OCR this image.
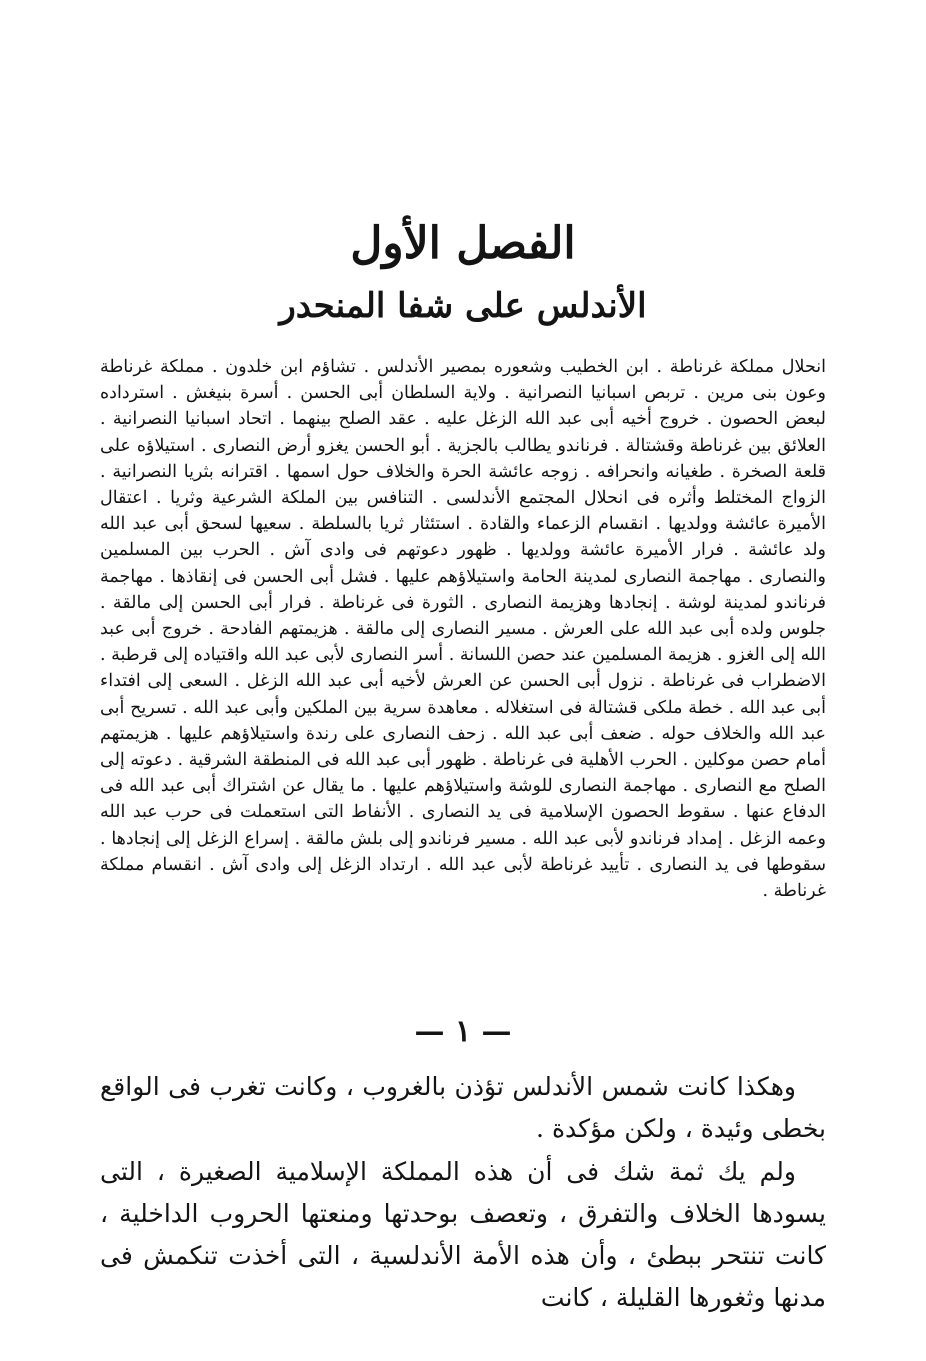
الفصل الأول
الأندلس على شفا المنحدر

انحلال مملكة غرناطة . ابن الخطيب وشعوره بمصير الأندلس . تشاؤم ابن خلدون . مملكة غرناطة وعون بنى مرين . تربص اسبانيا النصرانية . ولاية السلطان أبى الحسن . أسرة بنيغش . استرداده لبعض الحصون . خروج أخيه أبى عبد الله الزغل عليه . عقد الصلح بينهما . اتحاد اسبانيا النصرانية . العلائق بين غرناطة وقشتالة . فرناندو يطالب بالجزية . أبو الحسن يغزو أرض النصارى . استيلاؤه على قلعة الصخرة . طغيانه وانحرافه . زوجه عائشة الحرة والخلاف حول اسمها . اقترانه بثريا النصرانية . الزواج المختلط وأثره فى انحلال المجتمع الأندلسى . التنافس بين الملكة الشرعية وثريا . اعتقال الأميرة عائشة وولديها . انقسام الزعماء والقادة . استئثار ثريا بالسلطة . سعيها لسحق أبى عبد الله ولد عائشة . فرار الأميرة عائشة وولديها . ظهور دعوتهم فى وادى آش . الحرب بين المسلمين والنصارى . مهاجمة النصارى لمدينة الحامة واستيلاؤهم عليها . فشل أبى الحسن فى إنقاذها . مهاجمة فرناندو لمدينة لوشة . إنجادها وهزيمة النصارى . الثورة فى غرناطة . فرار أبى الحسن إلى مالقة . جلوس ولده أبى عبد الله على العرش . مسير النصارى إلى مالقة . هزيمتهم الفادحة . خروج أبى عبد الله إلى الغزو . هزيمة المسلمين عند حصن اللسانة . أسر النصارى لأبى عبد الله واقتياده إلى قرطبة . الاضطراب فى غرناطة . نزول أبى الحسن عن العرش لأخيه أبى عبد الله الزغل . السعى إلى افتداء أبى عبد الله . خطة ملكى قشتالة فى استغلاله . معاهدة سرية بين الملكين وأبى عبد الله . تسريح أبى عبد الله والخلاف حوله . ضعف أبى عبد الله . زحف النصارى على رندة واستيلاؤهم عليها . هزيمتهم أمام حصن موكلين . الحرب الأهلية فى غرناطة . ظهور أبى عبد الله فى المنطقة الشرقية . دعوته إلى الصلح مع النصارى . مهاجمة النصارى للوشة واستيلاؤهم عليها . ما يقال عن اشتراك أبى عبد الله فى الدفاع عنها . سقوط الحصون الإسلامية فى يد النصارى . الأنفاط التى استعملت فى حرب عبد الله وعمه الزغل . إمداد فرناندو لأبى عبد الله . مسير فرناندو إلى بلش مالقة . إسراع الزغل إلى إنجادها . سقوطها فى يد النصارى . تأييد غرناطة لأبى عبد الله . ارتداد الزغل إلى وادى آش . انقسام مملكة غرناطة .

— ١ —

وهكذا كانت شمس الأندلس تؤذن بالغروب ، وكانت تغرب فى الواقع بخطى وئيدة ، ولكن مؤكدة .

ولم يك ثمة شك فى أن هذه المملكة الإسلامية الصغيرة ، التى يسودها الخلاف والتفرق ، وتعصف بوحدتها ومنعتها الحروب الداخلية ، كانت تنتحر ببطئ ، وأن هذه الأمة الأندلسية ، التى أخذت تنكمش فى مدنها وثغورها القليلة ، كانت
